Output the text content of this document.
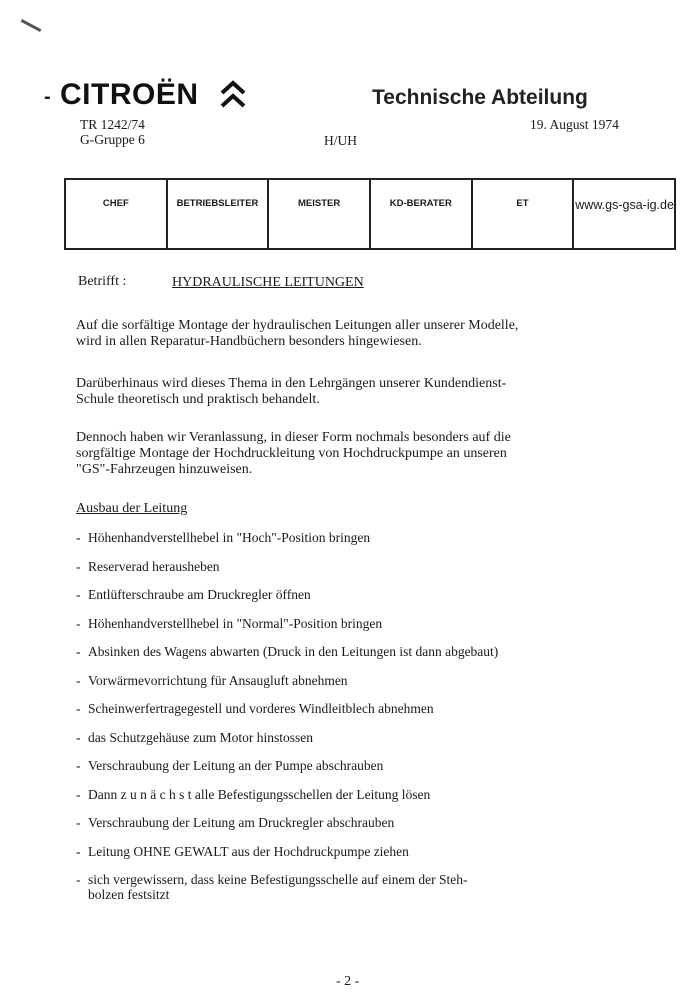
- CITROËN	Technische Abteilung
TR 1242/74
G-Gruppe 6	H/UH
19. August 1974
CHEF	BETRIEBSLEITER	MEISTER	KD-BERATER	ET	www.gs-gsa-ig.de
Betrifft :	HYDRAULISCHE LEITUNGEN
Auf die sorfältige Montage der hydraulischen Leitungen aller unserer Modelle,
wird in allen Reparatur-Handbüchern besonders hingewiesen.
Darüberhinaus wird dieses Thema in den Lehrgängen unserer Kundendienst-
Schule theoretisch und praktisch behandelt.
Dennoch haben wir Veranlassung, in dieser Form nochmals besonders auf die
sorgfältige Montage der Hochdruckleitung von Hochdruckpumpe an unseren
"GS"-Fahrzeugen hinzuweisen.
Ausbau der Leitung
- Höhenhandverstellhebel in "Hoch"-Position bringen
- Reserverad herausheben
- Entlüfterschraube am Druckregler öffnen
- Höhenhandverstellhebel in "Normal"-Position bringen
- Absinken des Wagens abwarten (Druck in den Leitungen ist dann abgebaut)
- Vorwärmevorrichtung für Ansaugluft abnehmen
- Scheinwerfertragegestell und vorderes Windleitblech abnehmen
- das Schutzgehäuse zum Motor hinstossen
- Verschraubung der Leitung an der Pumpe abschrauben
- Dann z u n ä c h s t alle Befestigungsschellen der Leitung lösen
- Verschraubung der Leitung am Druckregler abschrauben
- Leitung OHNE GEWALT aus der Hochdruckpumpe ziehen
- sich vergewissern, dass keine Befestigungsschelle auf einem der Steh-
bolzen festsitzt
- 2 -
